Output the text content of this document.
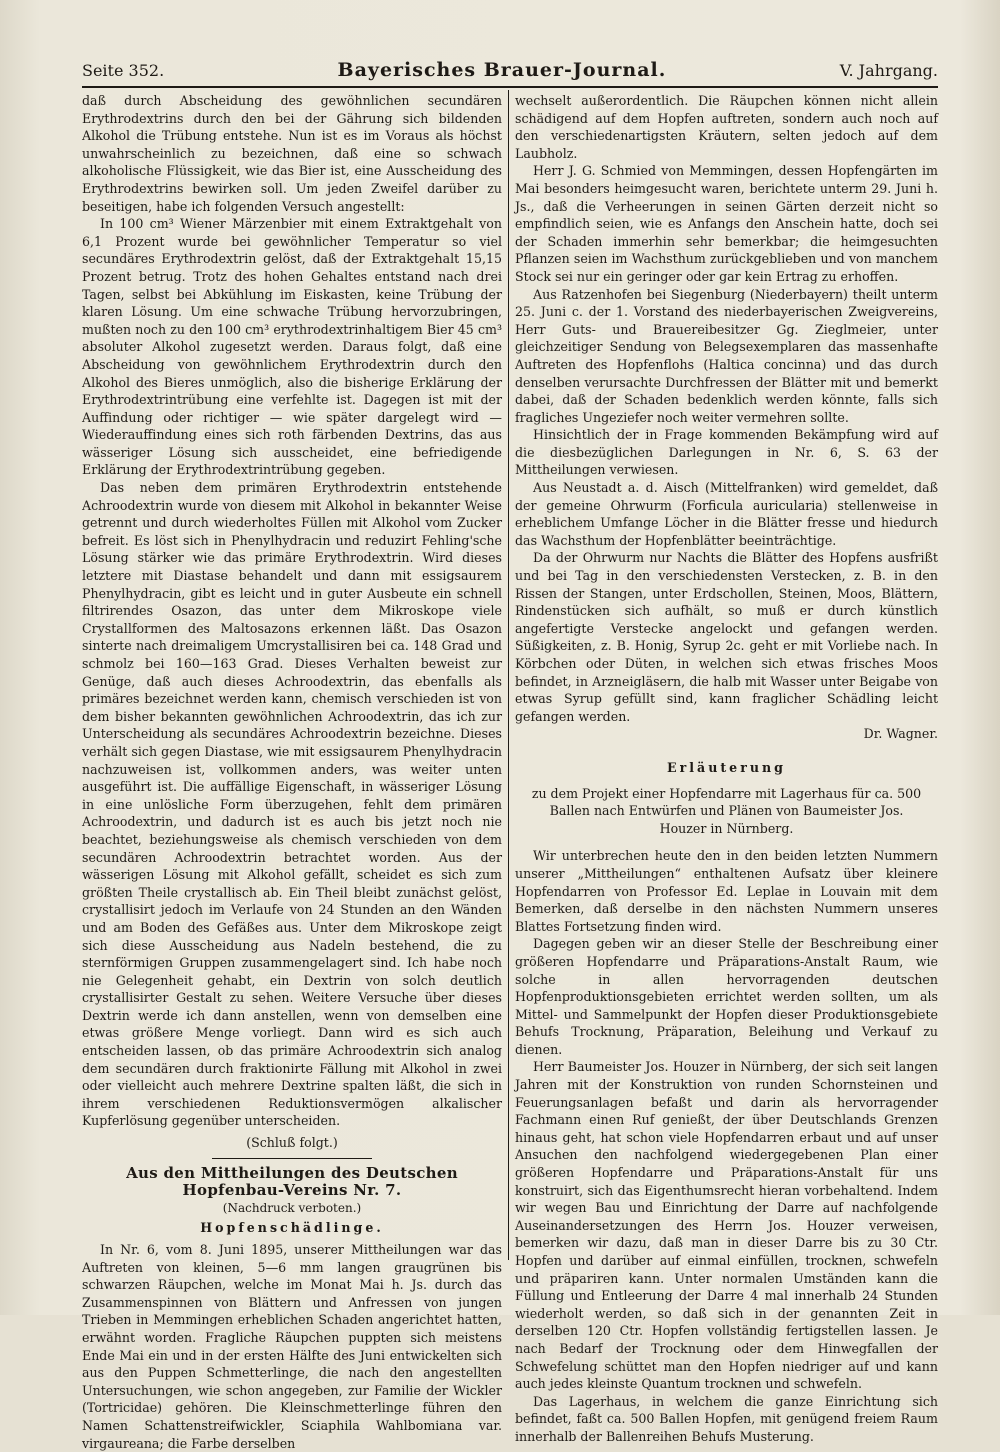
Seite 352.	Bayerisches Brauer-Journal.	V. Jahrgang.

daß durch Abscheidung des gewöhnlichen secundären Erythrodextrins durch den bei der Gährung sich bildenden Alkohol die Trübung entstehe. Nun ist es im Voraus als höchst unwahrscheinlich zu bezeichnen, daß eine so schwach alkoholische Flüssigkeit, wie das Bier ist, eine Ausscheidung des Erythrodextrins bewirken soll. Um jeden Zweifel darüber zu beseitigen, habe ich folgenden Versuch angestellt:

In 100 cm³ Wiener Märzenbier mit einem Extraktgehalt von 6,1 Prozent wurde bei gewöhnlicher Temperatur so viel secundäres Erythrodextrin gelöst, daß der Extraktgehalt 15,15 Prozent betrug. Trotz des hohen Gehaltes entstand nach drei Tagen, selbst bei Abkühlung im Eiskasten, keine Trübung der klaren Lösung. Um eine schwache Trübung hervorzubringen, mußten noch zu den 100 cm³ erythrodextrinhaltigem Bier 45 cm³ absoluter Alkohol zugesetzt werden. Daraus folgt, daß eine Abscheidung von gewöhnlichem Erythrodextrin durch den Alkohol des Bieres unmöglich, also die bisherige Erklärung der Erythrodextrintrübung eine verfehlte ist. Dagegen ist mit der Auffindung oder richtiger — wie später dargelegt wird — Wiederauffindung eines sich roth färbenden Dextrins, das aus wässeriger Lösung sich ausscheidet, eine befriedigende Erklärung der Erythrodextrintrübung gegeben.

Das neben dem primären Erythrodextrin entstehende Achroodextrin wurde von diesem mit Alkohol in bekannter Weise getrennt und durch wiederholtes Füllen mit Alkohol vom Zucker befreit. Es löst sich in Phenylhydracin und reduzirt Fehling'sche Lösung stärker wie das primäre Erythrodextrin. Wird dieses letztere mit Diastase behandelt und dann mit essigsaurem Phenylhydracin, gibt es leicht und in guter Ausbeute ein schnell filtrirendes Osazon, das unter dem Mikroskope viele Crystallformen des Maltosazons erkennen läßt. Das Osazon sinterte nach dreimaligem Umcrystallisiren bei ca. 148 Grad und schmolz bei 160—163 Grad. Dieses Verhalten beweist zur Genüge, daß auch dieses Achroodextrin, das ebenfalls als primäres bezeichnet werden kann, chemisch verschieden ist von dem bisher bekannten gewöhnlichen Achroodextrin, das ich zur Unterscheidung als secundäres Achroodextrin bezeichne. Dieses verhält sich gegen Diastase, wie mit essigsaurem Phenylhydracin nachzuweisen ist, vollkommen anders, was weiter unten ausgeführt ist. Die auffällige Eigenschaft, in wässeriger Lösung in eine unlösliche Form überzugehen, fehlt dem primären Achroodextrin, und dadurch ist es auch bis jetzt noch nie beachtet, beziehungsweise als chemisch verschieden von dem secundären Achroodextrin betrachtet worden. Aus der wässerigen Lösung mit Alkohol gefällt, scheidet es sich zum größten Theile crystallisch ab. Ein Theil bleibt zunächst gelöst, crystallisirt jedoch im Verlaufe von 24 Stunden an den Wänden und am Boden des Gefäßes aus. Unter dem Mikroskope zeigt sich diese Ausscheidung aus Nadeln bestehend, die zu sternförmigen Gruppen zusammengelagert sind. Ich habe noch nie Gelegenheit gehabt, ein Dextrin von solch deutlich crystallisirter Gestalt zu sehen. Weitere Versuche über dieses Dextrin werde ich dann anstellen, wenn von demselben eine etwas größere Menge vorliegt. Dann wird es sich auch entscheiden lassen, ob das primäre Achroodextrin sich analog dem secundären durch fraktionirte Fällung mit Alkohol in zwei oder vielleicht auch mehrere Dextrine spalten läßt, die sich in ihrem verschiedenen Reduktionsvermögen alkalischer Kupferlösung gegenüber unterscheiden.

(Schluß folgt.)
Aus den Mittheilungen des Deutschen Hopfenbau-Vereins Nr. 7.
(Nachdruck verboten.)
Hopfenschädlinge.

In Nr. 6, vom 8. Juni 1895, unserer Mittheilungen war das Auftreten von kleinen, 5—6 mm langen graugrünen bis schwarzen Räupchen, welche im Monat Mai h. Js. durch das Zusammenspinnen von Blättern und Anfressen von jungen Trieben in Memmingen erheblichen Schaden angerichtet hatten, erwähnt worden. Fragliche Räupchen puppten sich meistens Ende Mai ein und in der ersten Hälfte des Juni entwickelten sich aus den Puppen Schmetterlinge, die nach den angestellten Untersuchungen, wie schon angegeben, zur Familie der Wickler (Tortricidae) gehören. Die Kleinschmetterlinge führen den Namen Schattenstreifwickler, Sciaphila Wahlbomiana var. virgaureana; die Farbe derselben

wechselt außerordentlich. Die Räupchen können nicht allein schädigend auf dem Hopfen auftreten, sondern auch noch auf den verschiedenartigsten Kräutern, selten jedoch auf dem Laubholz.

Herr J. G. Schmied von Memmingen, dessen Hopfengärten im Mai besonders heimgesucht waren, berichtete unterm 29. Juni h. Js., daß die Verheerungen in seinen Gärten derzeit nicht so empfindlich seien, wie es Anfangs den Anschein hatte, doch sei der Schaden immerhin sehr bemerkbar; die heimgesuchten Pflanzen seien im Wachsthum zurückgeblieben und von manchem Stock sei nur ein geringer oder gar kein Ertrag zu erhoffen.

Aus Ratzenhofen bei Siegenburg (Niederbayern) theilt unterm 25. Juni c. der 1. Vorstand des niederbayerischen Zweigvereins, Herr Guts- und Brauereibesitzer Gg. Zieglmeier, unter gleichzeitiger Sendung von Belegsexemplaren das massenhafte Auftreten des Hopfenflohs (Haltica concinna) und das durch denselben verursachte Durchfressen der Blätter mit und bemerkt dabei, daß der Schaden bedenklich werden könnte, falls sich fragliches Ungeziefer noch weiter vermehren sollte.

Hinsichtlich der in Frage kommenden Bekämpfung wird auf die diesbezüglichen Darlegungen in Nr. 6, S. 63 der Mittheilungen verwiesen.

Aus Neustadt a. d. Aisch (Mittelfranken) wird gemeldet, daß der gemeine Ohrwurm (Forficula auricularia) stellenweise in erheblichem Umfange Löcher in die Blätter fresse und hiedurch das Wachsthum der Hopfenblätter beeinträchtige.

Da der Ohrwurm nur Nachts die Blätter des Hopfens ausfrißt und bei Tag in den verschiedensten Verstecken, z. B. in den Rissen der Stangen, unter Erdschollen, Steinen, Moos, Blättern, Rindenstücken sich aufhält, so muß er durch künstlich angefertigte Verstecke angelockt und gefangen werden. Süßigkeiten, z. B. Honig, Syrup 2c. geht er mit Vorliebe nach. In Körbchen oder Düten, in welchen sich etwas frisches Moos befindet, in Arzneigläsern, die halb mit Wasser unter Beigabe von etwas Syrup gefüllt sind, kann fraglicher Schädling leicht gefangen werden.

Dr. Wagner.
Erläuterung
zu dem Projekt einer Hopfendarre mit Lagerhaus für ca. 500 Ballen nach Entwürfen und Plänen von Baumeister Jos. Houzer in Nürnberg.

Wir unterbrechen heute den in den beiden letzten Nummern unserer „Mittheilungen“ enthaltenen Aufsatz über kleinere Hopfendarren von Professor Ed. Leplae in Louvain mit dem Bemerken, daß derselbe in den nächsten Nummern unseres Blattes Fortsetzung finden wird.

Dagegen geben wir an dieser Stelle der Beschreibung einer größeren Hopfendarre und Präparations-Anstalt Raum, wie solche in allen hervorragenden deutschen Hopfenproduktionsgebieten errichtet werden sollten, um als Mittel- und Sammelpunkt der Hopfen dieser Produktionsgebiete Behufs Trocknung, Präparation, Beleihung und Verkauf zu dienen.

Herr Baumeister Jos. Houzer in Nürnberg, der sich seit langen Jahren mit der Konstruktion von runden Schornsteinen und Feuerungsanlagen befaßt und darin als hervorragender Fachmann einen Ruf genießt, der über Deutschlands Grenzen hinaus geht, hat schon viele Hopfendarren erbaut und auf unser Ansuchen den nachfolgend wiedergegebenen Plan einer größeren Hopfendarre und Präparations-Anstalt für uns konstruirt, sich das Eigenthumsrecht hieran vorbehaltend. Indem wir wegen Bau und Einrichtung der Darre auf nachfolgende Auseinandersetzungen des Herrn Jos. Houzer verweisen, bemerken wir dazu, daß man in dieser Darre bis zu 30 Ctr. Hopfen und darüber auf einmal einfüllen, trocknen, schwefeln und präpariren kann. Unter normalen Umständen kann die Füllung und Entleerung der Darre 4 mal innerhalb 24 Stunden wiederholt werden, so daß sich in der genannten Zeit in derselben 120 Ctr. Hopfen vollständig fertigstellen lassen. Je nach Bedarf der Trocknung oder dem Hinwegfallen der Schwefelung schüttet man den Hopfen niedriger auf und kann auch jedes kleinste Quantum trocknen und schwefeln.

Das Lagerhaus, in welchem die ganze Einrichtung sich befindet, faßt ca. 500 Ballen Hopfen, mit genügend freiem Raum innerhalb der Ballenreihen Behufs Musterung.
